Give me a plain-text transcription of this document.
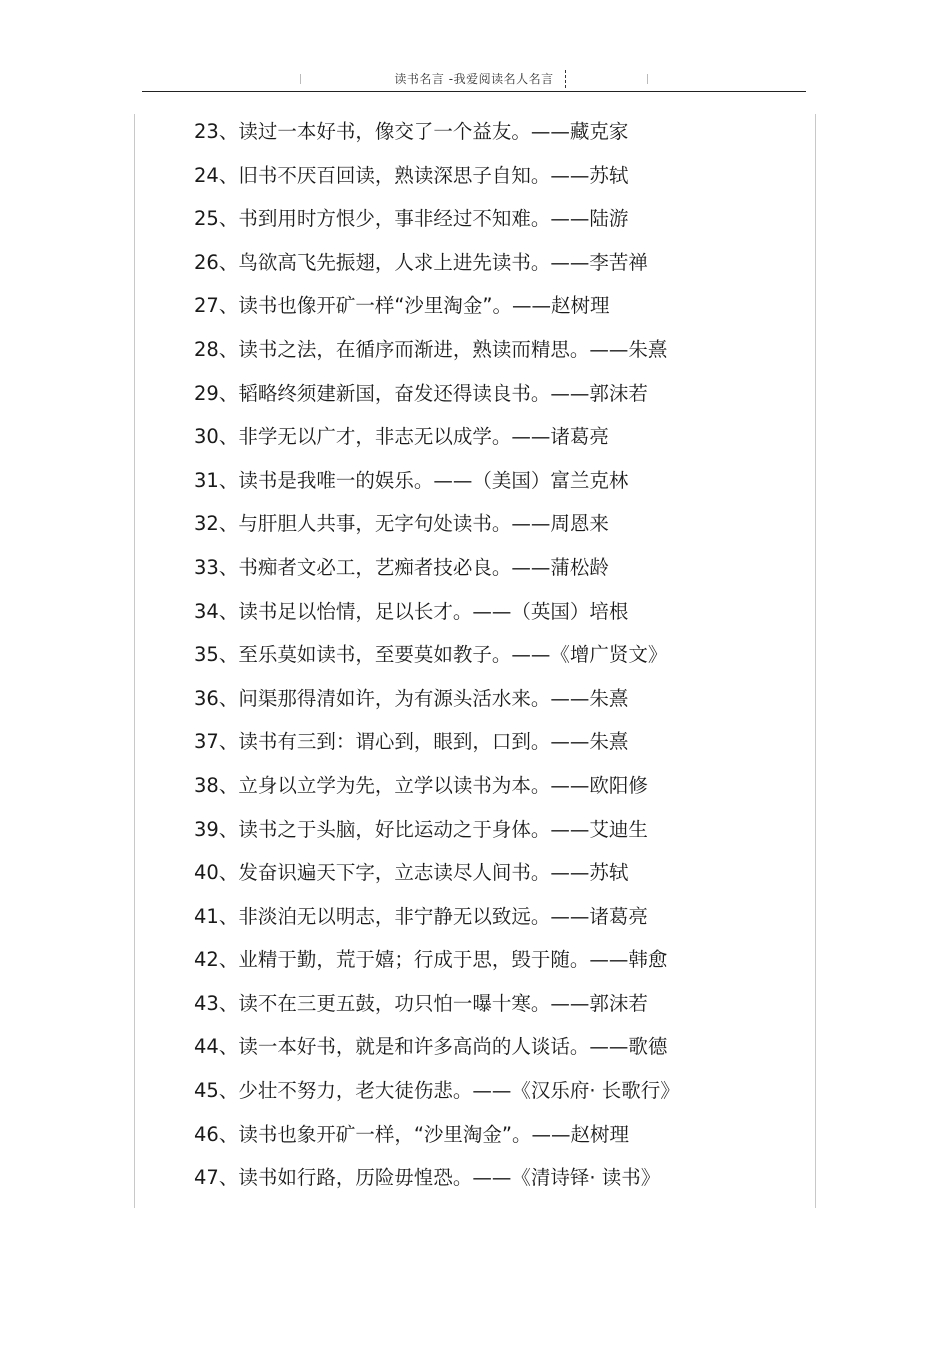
读书名言 -我爱阅读名人名言
23、读过一本好书，像交了一个益友。——藏克家
24、旧书不厌百回读，熟读深思子自知。——苏轼
25、书到用时方恨少，事非经过不知难。——陆游
26、鸟欲高飞先振翅，人求上进先读书。——李苦禅
27、读书也像开矿一样“沙里淘金”。——赵树理
28、读书之法，在循序而渐进，熟读而精思。——朱熹
29、韬略终须建新国，奋发还得读良书。——郭沫若
30、非学无以广才，非志无以成学。——诸葛亮
31、读书是我唯一的娱乐。——（美国）富兰克林
32、与肝胆人共事，无字句处读书。——周恩来
33、书痴者文必工，艺痴者技必良。——蒲松龄
34、读书足以怡情，足以长才。——（英国）培根
35、至乐莫如读书，至要莫如教子。——《增广贤文》
36、问渠那得清如许，为有源头活水来。——朱熹
37、读书有三到：谓心到，眼到，口到。——朱熹
38、立身以立学为先，立学以读书为本。——欧阳修
39、读书之于头脑，好比运动之于身体。——艾迪生
40、发奋识遍天下字，立志读尽人间书。——苏轼
41、非淡泊无以明志，非宁静无以致远。——诸葛亮
42、业精于勤，荒于嬉；行成于思，毁于随。——韩愈
43、读不在三更五鼓，功只怕一曝十寒。——郭沫若
44、读一本好书，就是和许多高尚的人谈话。——歌德
45、少壮不努力，老大徒伤悲。——《汉乐府· 长歌行》
46、读书也象开矿一样，“沙里淘金”。——赵树理
47、读书如行路，历险毋惶恐。——《清诗铎· 读书》
